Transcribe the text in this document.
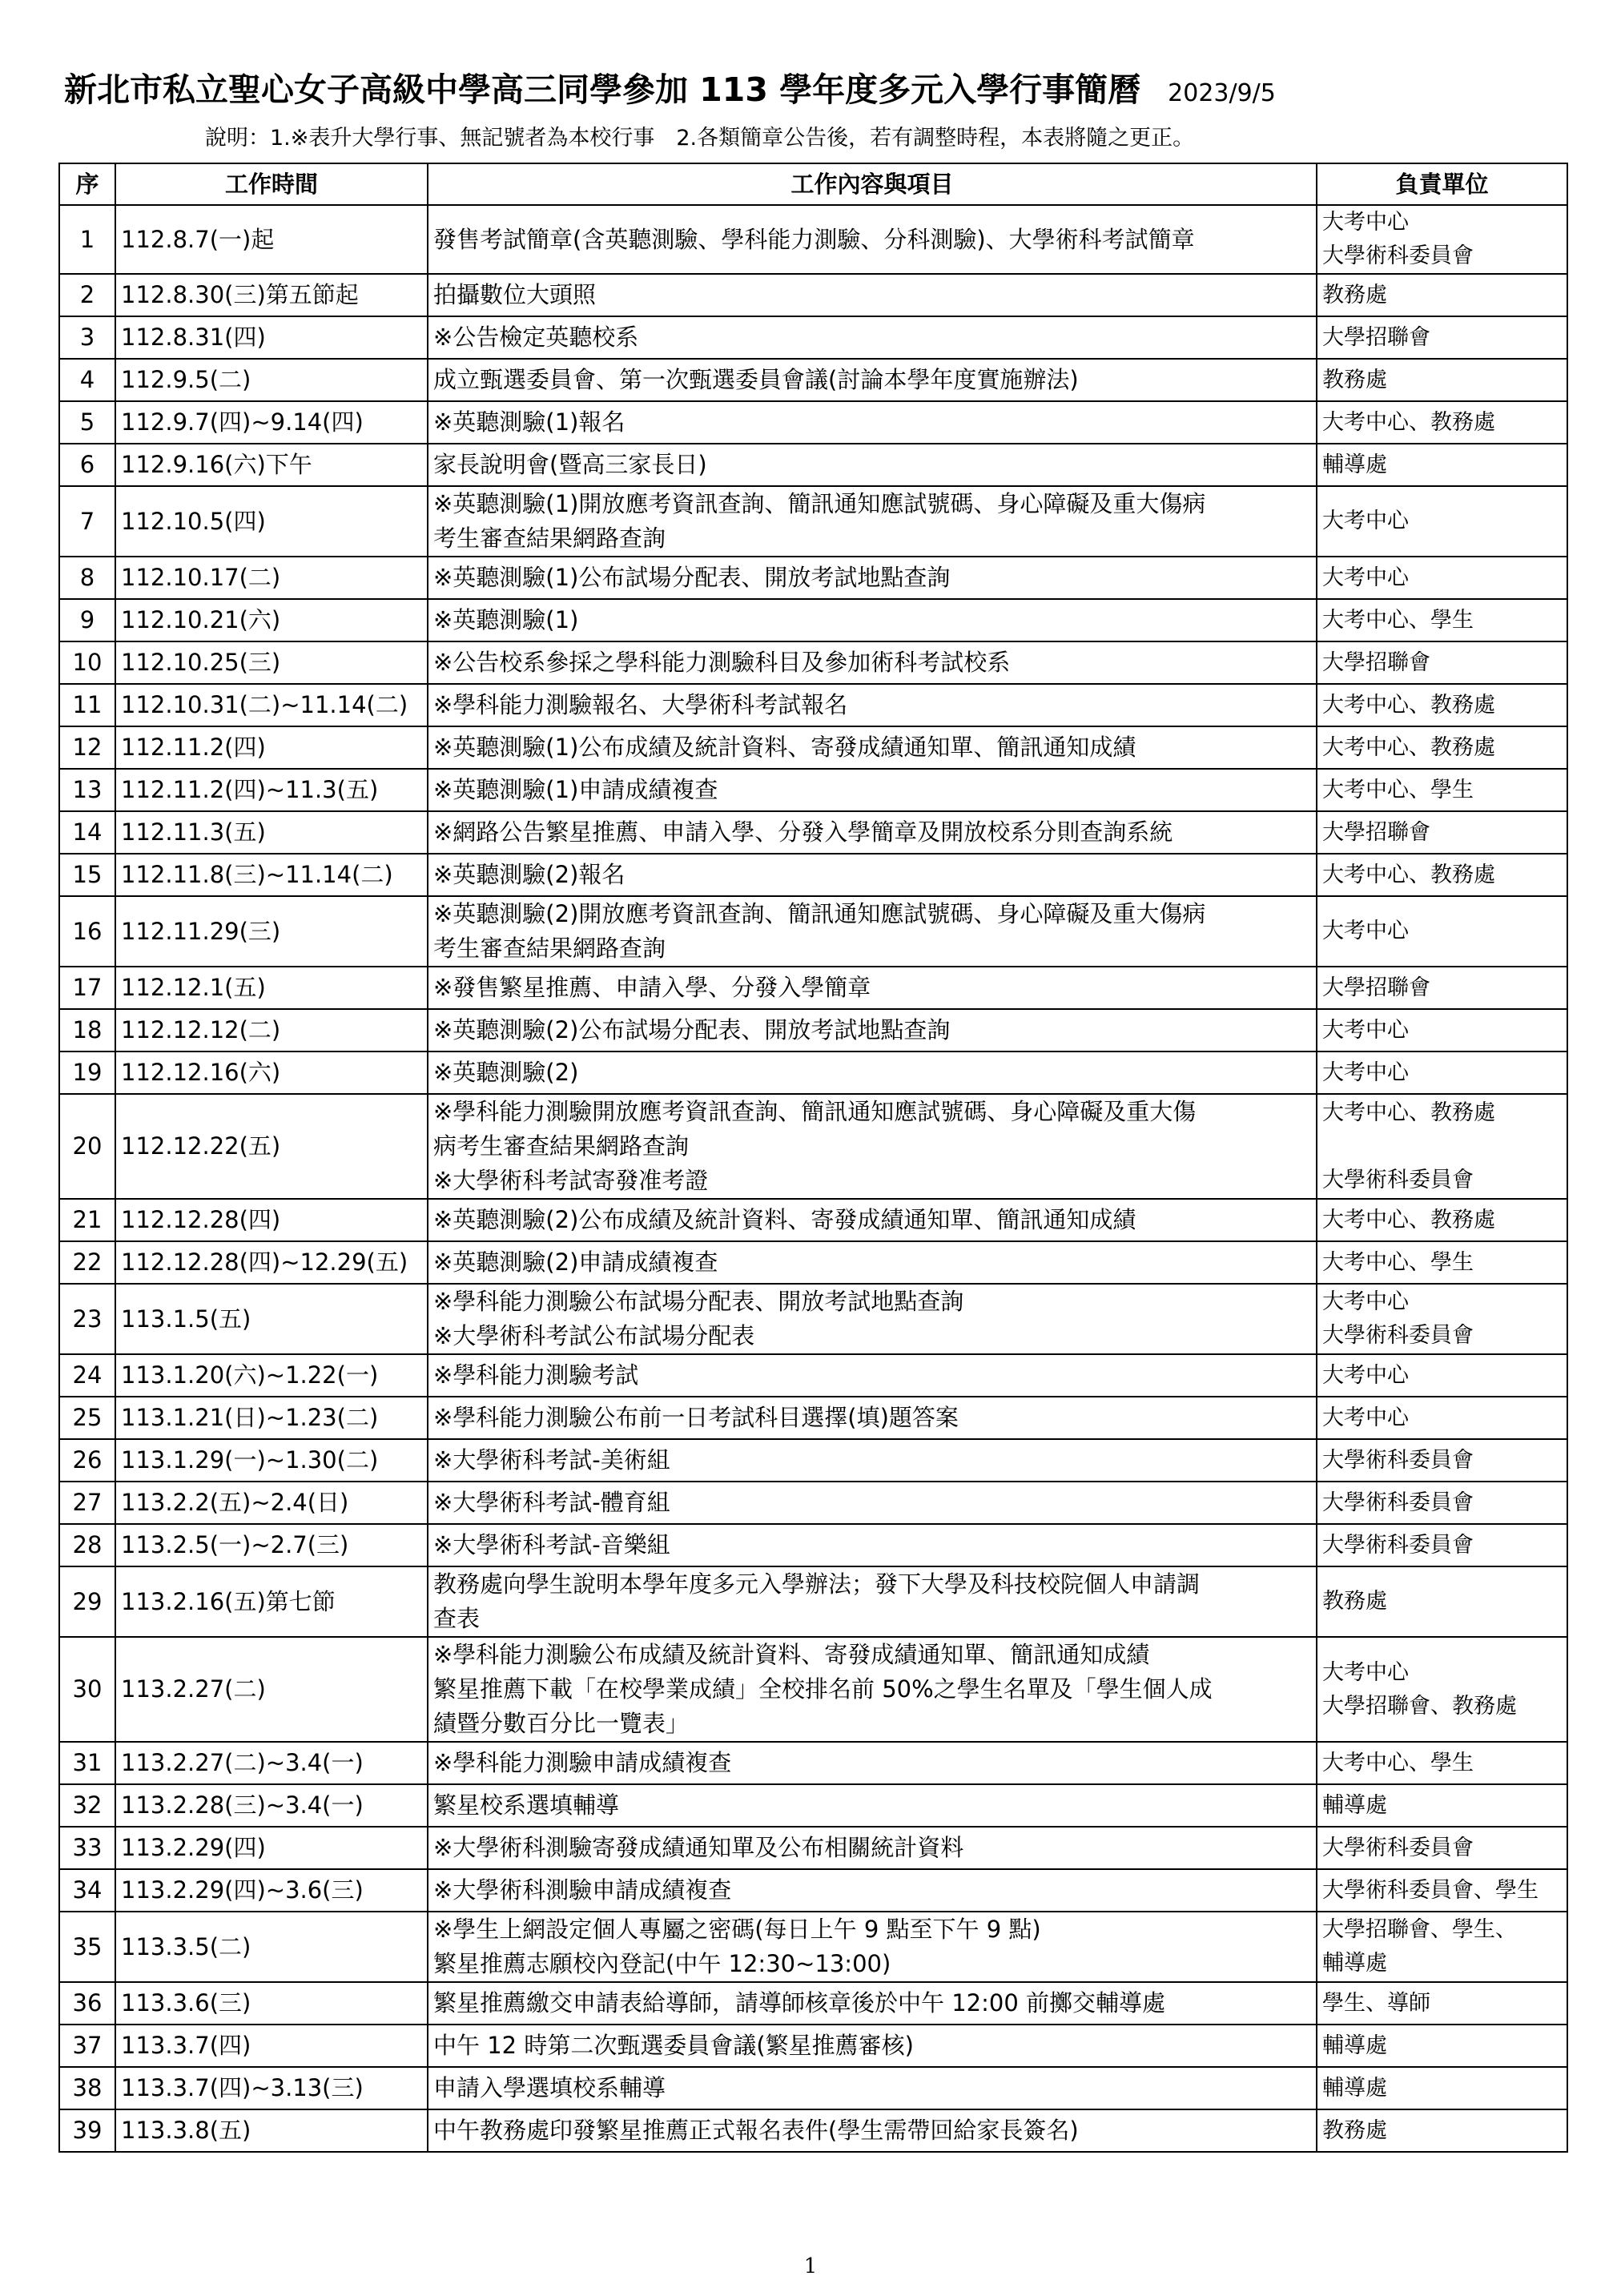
新北市私立聖心女子高級中學高三同學參加 113 學年度多元入學行事簡曆 2023/9/5
說明：1.※表升大學行事、無記號者為本校行事　2.各類簡章公告後，若有調整時程，本表將隨之更正。
序	工作時間	工作內容與項目	負責單位
1	112.8.7(一)起	發售考試簡章(含英聽測驗、學科能力測驗、分科測驗)、大學術科考試簡章	大考中心
大學術科委員會
2	112.8.30(三)第五節起	拍攝數位大頭照	教務處
3	112.8.31(四)	※公告檢定英聽校系	大學招聯會
4	112.9.5(二)	成立甄選委員會、第一次甄選委員會議(討論本學年度實施辦法)	教務處
5	112.9.7(四)~9.14(四)	※英聽測驗(1)報名	大考中心、教務處
6	112.9.16(六)下午	家長說明會(暨高三家長日)	輔導處
7	112.10.5(四)	※英聽測驗(1)開放應考資訊查詢、簡訊通知應試號碼、身心障礙及重大傷病
考生審查結果網路查詢	大考中心
8	112.10.17(二)	※英聽測驗(1)公布試場分配表、開放考試地點查詢	大考中心
9	112.10.21(六)	※英聽測驗(1)	大考中心、學生
10	112.10.25(三)	※公告校系參採之學科能力測驗科目及參加術科考試校系	大學招聯會
11	112.10.31(二)~11.14(二)	※學科能力測驗報名、大學術科考試報名	大考中心、教務處
12	112.11.2(四)	※英聽測驗(1)公布成績及統計資料、寄發成績通知單、簡訊通知成績	大考中心、教務處
13	112.11.2(四)~11.3(五)	※英聽測驗(1)申請成績複查	大考中心、學生
14	112.11.3(五)	※網路公告繁星推薦、申請入學、分發入學簡章及開放校系分則查詢系統	大學招聯會
15	112.11.8(三)~11.14(二)	※英聽測驗(2)報名	大考中心、教務處
16	112.11.29(三)	※英聽測驗(2)開放應考資訊查詢、簡訊通知應試號碼、身心障礙及重大傷病
考生審查結果網路查詢	大考中心
17	112.12.1(五)	※發售繁星推薦、申請入學、分發入學簡章	大學招聯會
18	112.12.12(二)	※英聽測驗(2)公布試場分配表、開放考試地點查詢	大考中心
19	112.12.16(六)	※英聽測驗(2)	大考中心
20	112.12.22(五)	※學科能力測驗開放應考資訊查詢、簡訊通知應試號碼、身心障礙及重大傷
病考生審查結果網路查詢
※大學術科考試寄發准考證	大考中心、教務處

大學術科委員會
21	112.12.28(四)	※英聽測驗(2)公布成績及統計資料、寄發成績通知單、簡訊通知成績	大考中心、教務處
22	112.12.28(四)~12.29(五)	※英聽測驗(2)申請成績複查	大考中心、學生
23	113.1.5(五)	※學科能力測驗公布試場分配表、開放考試地點查詢
※大學術科考試公布試場分配表	大考中心
大學術科委員會
24	113.1.20(六)~1.22(一)	※學科能力測驗考試	大考中心
25	113.1.21(日)~1.23(二)	※學科能力測驗公布前一日考試科目選擇(填)題答案	大考中心
26	113.1.29(一)~1.30(二)	※大學術科考試-美術組	大學術科委員會
27	113.2.2(五)~2.4(日)	※大學術科考試-體育組	大學術科委員會
28	113.2.5(一)~2.7(三)	※大學術科考試-音樂組	大學術科委員會
29	113.2.16(五)第七節	教務處向學生說明本學年度多元入學辦法；發下大學及科技校院個人申請調
查表	教務處
30	113.2.27(二)	※學科能力測驗公布成績及統計資料、寄發成績通知單、簡訊通知成績
繁星推薦下載「在校學業成績」全校排名前 50%之學生名單及「學生個人成
績暨分數百分比一覽表」	大考中心
大學招聯會、教務處

31	113.2.27(二)~3.4(一)	※學科能力測驗申請成績複查	大考中心、學生
32	113.2.28(三)~3.4(一)	繁星校系選填輔導	輔導處
33	113.2.29(四)	※大學術科測驗寄發成績通知單及公布相關統計資料	大學術科委員會
34	113.2.29(四)~3.6(三)	※大學術科測驗申請成績複查	大學術科委員會、學生
35	113.3.5(二)	※學生上網設定個人專屬之密碼(每日上午 9 點至下午 9 點)
繁星推薦志願校內登記(中午 12:30~13:00)	大學招聯會、學生、
輔導處
36	113.3.6(三)	繁星推薦繳交申請表給導師，請導師核章後於中午 12:00 前擲交輔導處	學生、導師
37	113.3.7(四)	中午 12 時第二次甄選委員會議(繁星推薦審核)	輔導處
38	113.3.7(四)~3.13(三)	申請入學選填校系輔導	輔導處
39	113.3.8(五)	中午教務處印發繁星推薦正式報名表件(學生需帶回給家長簽名)	教務處
1
